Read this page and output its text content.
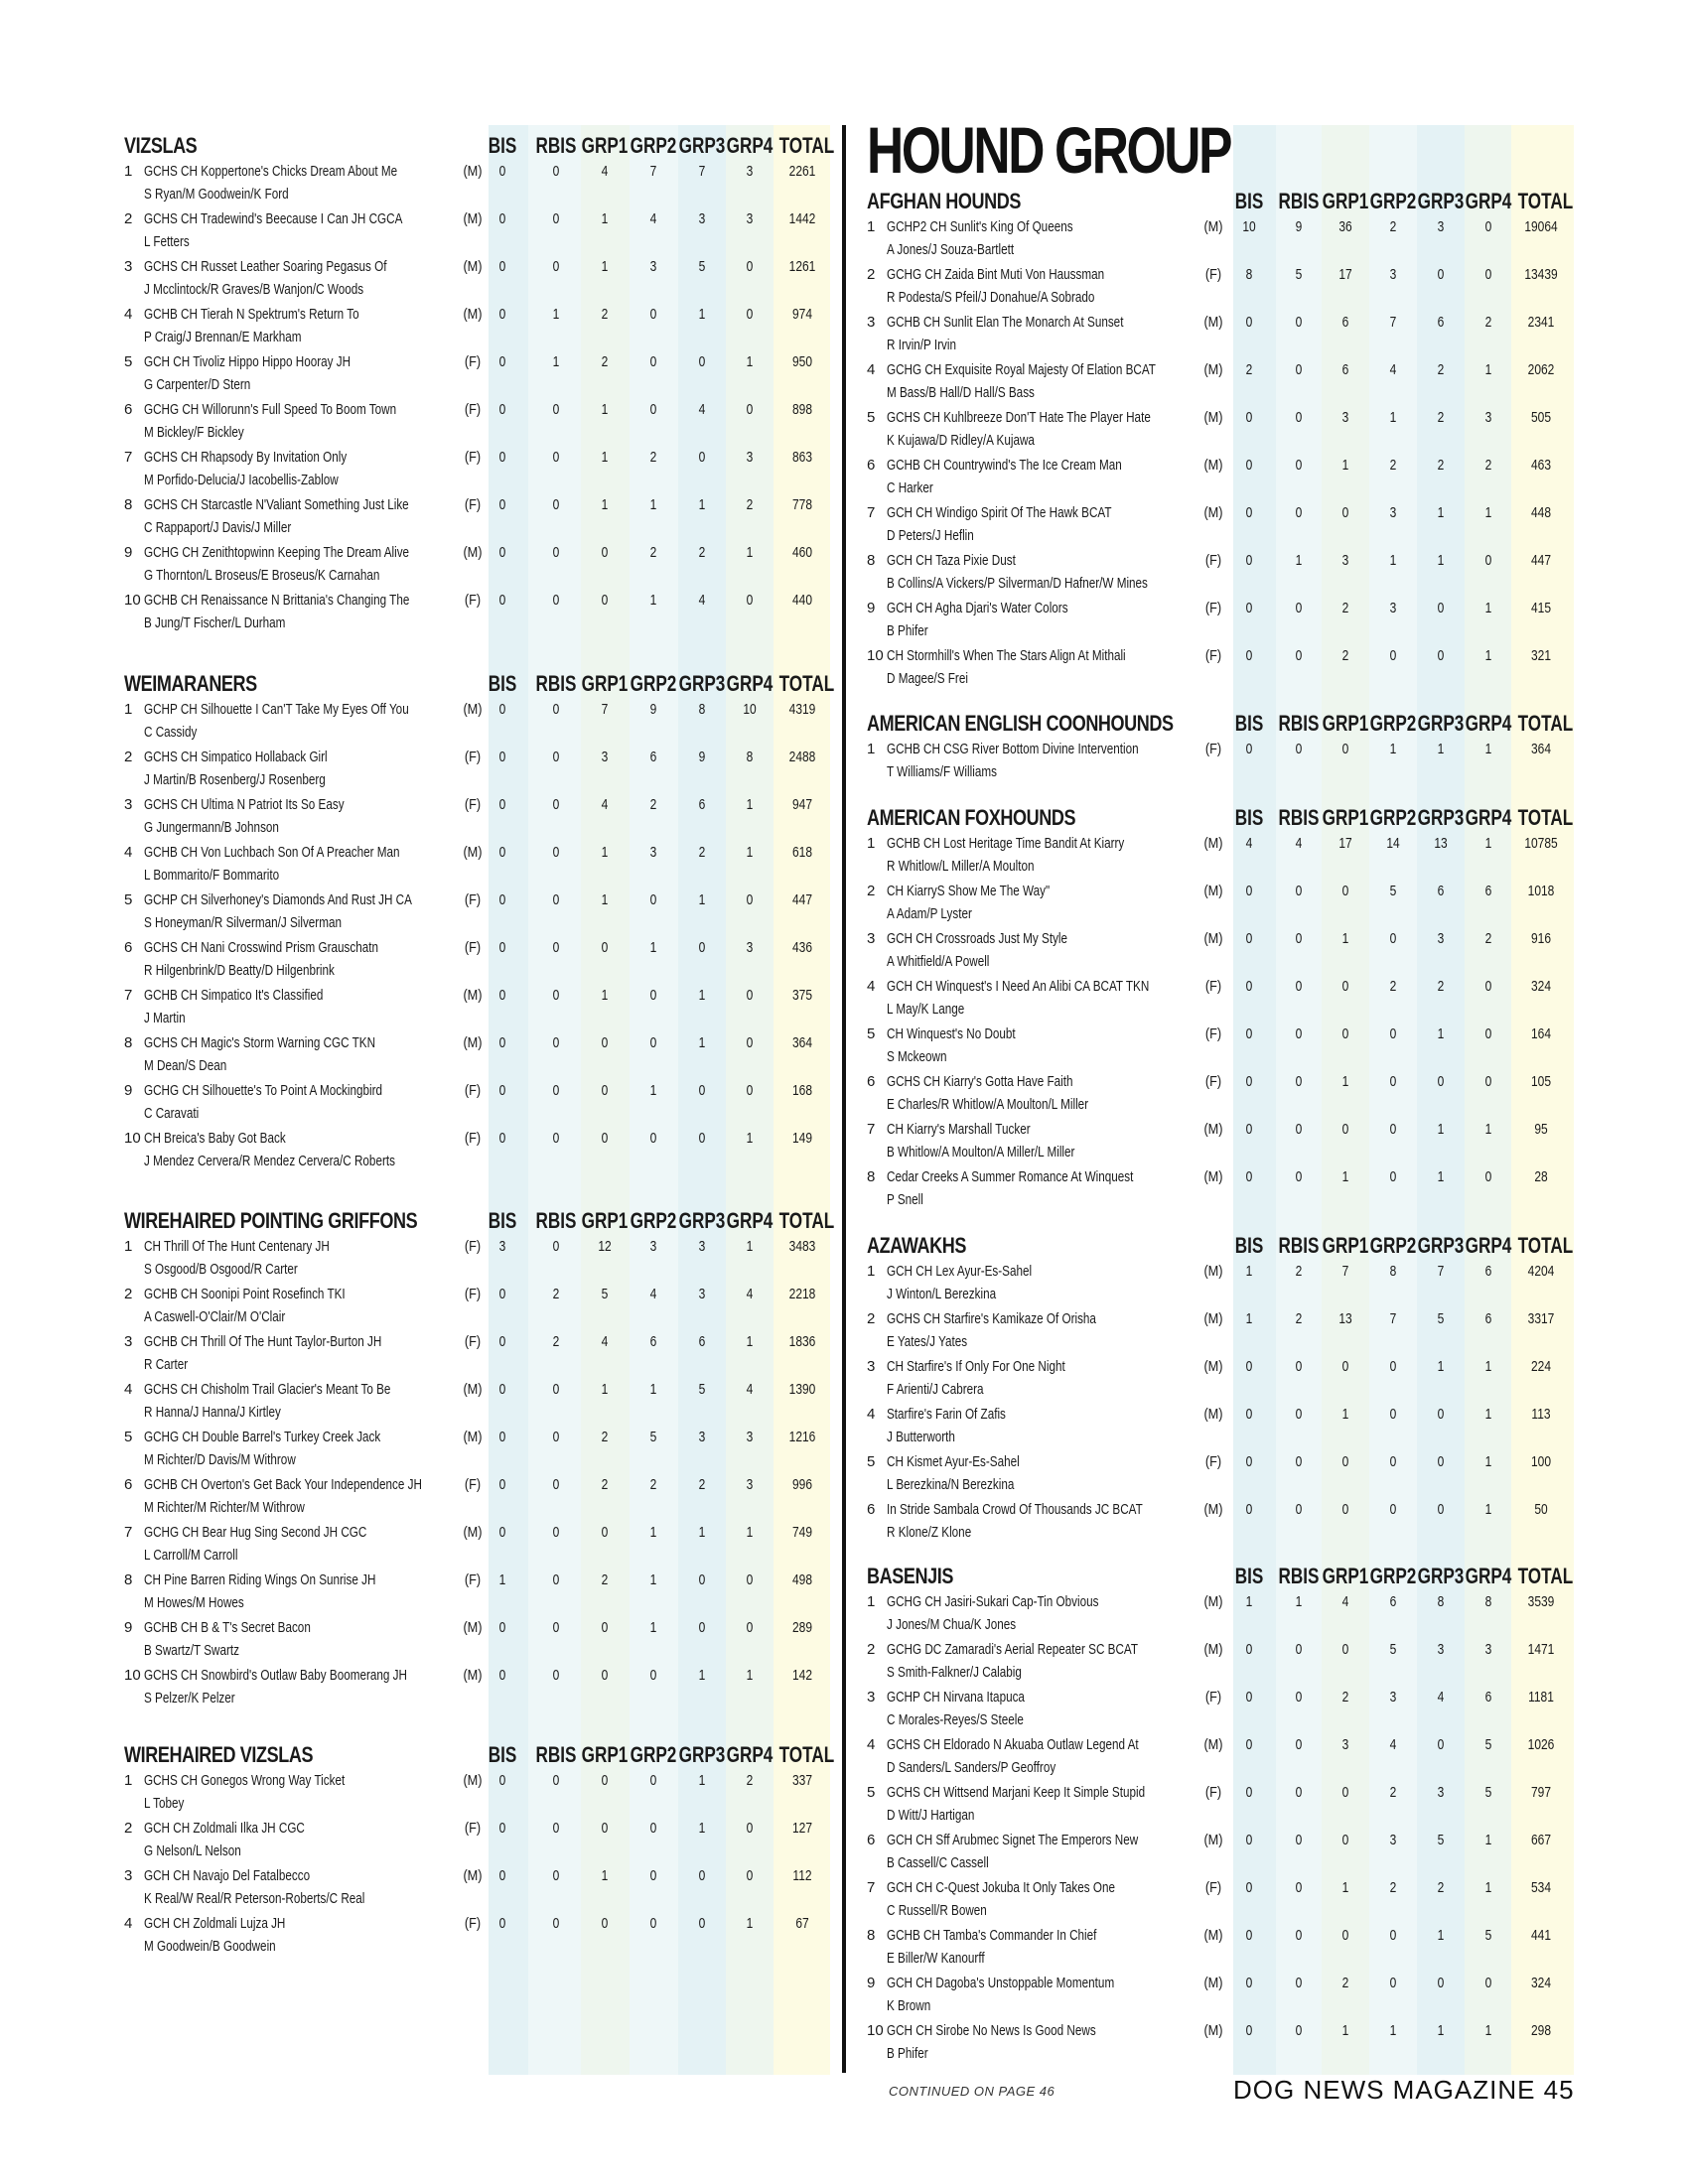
HOUND GROUP
CONTINUED ON PAGE 46	DOG NEWS MAGAZINE 45
VIZSLAS	BIS RBIS GRP1 GRP2 GRP3 GRP4 TOTAL
1 GCHS CH Koppertone's Chicks Dream About Me
S Ryan/M Goodwein/K Ford
(M)	0	0	4	7	7	3	2261
2 GCHS CH Tradewind's Beecause I Can JH CGCA
L Fetters
(M)	0	0	1	4	3	3	1442
3 GCHS CH Russet Leather Soaring Pegasus Of
J Mcclintock/R Graves/B Wanjon/C Woods
(M)	0	0	1	3	5	0	1261
4 GCHB CH Tierah N Spektrum's Return To
P Craig/J Brennan/E Markham
(M)	0	1	2	0	1	0	974
5 GCH CH Tivoliz Hippo Hippo Hooray JH
G Carpenter/D Stern
(F)	0	1	2	0	0	1	950
6 GCHG CH Willorunn's Full Speed To Boom Town
M Bickley/F Bickley
(F)	0	0	1	0	4	0	898
7 GCHS CH Rhapsody By Invitation Only
M Porfido-Delucia/J Iacobellis-Zablow
(F)	0	0	1	2	0	3	863
8 GCHS CH Starcastle N'Valiant Something Just Like
C Rappaport/J Davis/J Miller
(F)	0	0	1	1	1	2	778
9 GCHG CH Zenithtopwinn Keeping The Dream Alive
G Thornton/L Broseus/E Broseus/K Carnahan
(M)	0	0	0	2	2	1	460
10 GCHB CH Renaissance N Brittania's Changing The
B Jung/T Fischer/L Durham
(F)	0	0	0	1	4	0	440
WEIMARANERS	BIS RBIS GRP1 GRP2 GRP3 GRP4 TOTAL
1 GCHP CH Silhouette I Can'T Take My Eyes Off You
C Cassidy
(M)	0	0	7	9	8	10	4319
2 GCHS CH Simpatico Hollaback Girl
J Martin/B Rosenberg/J Rosenberg
(F)	0	0	3	6	9	8	2488
3 GCHS CH Ultima N Patriot Its So Easy
G Jungermann/B Johnson
(F)	0	0	4	2	6	1	947
4 GCHB CH Von Luchbach Son Of A Preacher Man
L Bommarito/F Bommarito
(M)	0	0	1	3	2	1	618
5 GCHP CH Silverhoney's Diamonds And Rust JH CA
S Honeyman/R Silverman/J Silverman
(F)	0	0	1	0	1	0	447
6 GCHS CH Nani Crosswind Prism Grauschatn
R Hilgenbrink/D Beatty/D Hilgenbrink
(F)	0	0	0	1	0	3	436
7 GCHB CH Simpatico It's Classified
J Martin
(M)	0	0	1	0	1	0	375
8 GCHS CH Magic's Storm Warning CGC TKN
M Dean/S Dean
(M)	0	0	0	0	1	0	364
9 GCHG CH Silhouette's To Point A Mockingbird
C Caravati
(F)	0	0	0	1	0	0	168
10 CH Breica's Baby Got Back
J Mendez Cervera/R Mendez Cervera/C Roberts
(F)	0	0	0	0	0	1	149
WIREHAIRED POINTING GRIFFONS	BIS RBIS GRP1 GRP2 GRP3 GRP4 TOTAL
1 CH Thrill Of The Hunt Centenary JH
S Osgood/B Osgood/R Carter
(F)	3	0	12	3	3	1	3483
2 GCHB CH Soonipi Point Rosefinch TKI
A Caswell-O'Clair/M O'Clair
(F)	0	2	5	4	3	4	2218
3 GCHB CH Thrill Of The Hunt Taylor-Burton JH
R Carter
(F)	0	2	4	6	6	1	1836
4 GCHS CH Chisholm Trail Glacier's Meant To Be
R Hanna/J Hanna/J Kirtley
(M)	0	0	1	1	5	4	1390
5 GCHG CH Double Barrel's Turkey Creek Jack
M Richter/D Davis/M Withrow
(M)	0	0	2	5	3	3	1216
6 GCHB CH Overton's Get Back Your Independence JH
M Richter/M Richter/M Withrow
(F)	0	0	2	2	2	3	996
7 GCHG CH Bear Hug Sing Second JH CGC
L Carroll/M Carroll
(M)	0	0	0	1	1	1	749
8 CH Pine Barren Riding Wings On Sunrise JH
M Howes/M Howes
(F)	1	0	2	1	0	0	498
9 GCHB CH B & T's Secret Bacon
B Swartz/T Swartz
(M)	0	0	0	1	0	0	289
10 GCHS CH Snowbird's Outlaw Baby Boomerang JH
S Pelzer/K Pelzer
(M)	0	0	0	0	1	1	142
WIREHAIRED VIZSLAS	BIS RBIS GRP1 GRP2 GRP3 GRP4 TOTAL
1 GCHS CH Gonegos Wrong Way Ticket
L Tobey
(M)	0	0	0	0	1	2	337
2 GCH CH Zoldmali Ilka JH CGC
G Nelson/L Nelson
(F)	0	0	0	0	1	0	127
3 GCH CH Navajo Del Fatalbecco
K Real/W Real/R Peterson-Roberts/C Real
(M)	0	0	1	0	0	0	112
4 GCH CH Zoldmali Lujza JH
M Goodwein/B Goodwein
(F)	0	0	0	0	0	1	67
AFGHAN HOUNDS	BIS RBIS GRP1 GRP2 GRP3 GRP4 TOTAL
1 GCHP2 CH Sunlit's King Of Queens
A Jones/J Souza-Bartlett
(M)	10	9	36	2	3	0	19064
2 GCHG CH Zaida Bint Muti Von Haussman
R Podesta/S Pfeil/J Donahue/A Sobrado
(F)	8	5	17	3	0	0	13439
3 GCHB CH Sunlit Elan The Monarch At Sunset
R Irvin/P Irvin
(M)	0	0	6	7	6	2	2341
4 GCHG CH Exquisite Royal Majesty Of Elation BCAT
M Bass/B Hall/D Hall/S Bass
(M)	2	0	6	4	2	1	2062
5 GCHS CH Kuhlbreeze Don'T Hate The Player Hate
K Kujawa/D Ridley/A Kujawa
(M)	0	0	3	1	2	3	505
6 GCHB CH Countrywind's The Ice Cream Man
C Harker
(M)	0	0	1	2	2	2	463
7 GCH CH Windigo Spirit Of The Hawk BCAT
D Peters/J Heflin
(M)	0	0	0	3	1	1	448
8 GCH CH Taza Pixie Dust
B Collins/A Vickers/P Silverman/D Hafner/W Mines
(F)	0	1	3	1	1	0	447
9 GCH CH Agha Djari's Water Colors
B Phifer
(F)	0	0	2	3	0	1	415
10 CH Stormhill's When The Stars Align At Mithali
D Magee/S Frei
(F)	0	0	2	0	0	1	321
AMERICAN ENGLISH COONHOUNDS	BIS RBIS GRP1 GRP2 GRP3 GRP4 TOTAL
1 GCHB CH CSG River Bottom Divine Intervention
T Williams/F Williams
(F)	0	0	0	1	1	1	364
AMERICAN FOXHOUNDS	BIS RBIS GRP1 GRP2 GRP3 GRP4 TOTAL
1 GCHB CH Lost Heritage Time Bandit At Kiarry
R Whitlow/L Miller/A Moulton
(M)	4	4	17	14	13	1	10785
2 CH KiarryS Show Me The Way"
A Adam/P Lyster
(M)	0	0	0	5	6	6	1018
3 GCH CH Crossroads Just My Style
A Whitfield/A Powell
(M)	0	0	1	0	3	2	916
4 GCH CH Winquest's I Need An Alibi CA BCAT TKN
L May/K Lange
(F)	0	0	0	2	2	0	324
5 CH Winquest's No Doubt
S Mckeown
(F)	0	0	0	0	1	0	164
6 GCHS CH Kiarry's Gotta Have Faith
E Charles/R Whitlow/A Moulton/L Miller
(F)	0	0	1	0	0	0	105
7 CH Kiarry's Marshall Tucker
B Whitlow/A Moulton/A Miller/L Miller
(M)	0	0	0	0	1	1	95
8 Cedar Creeks A Summer Romance At Winquest
P Snell
(M)	0	0	1	0	1	0	28
AZAWAKHS	BIS RBIS GRP1 GRP2 GRP3 GRP4 TOTAL
1 GCH CH Lex Ayur-Es-Sahel
J Winton/L Berezkina
(M)	1	2	7	8	7	6	4204
2 GCHS CH Starfire's Kamikaze Of Orisha
E Yates/J Yates
(M)	1	2	13	7	5	6	3317
3 CH Starfire's If Only For One Night
F Arienti/J Cabrera
(M)	0	0	0	0	1	1	224
4 Starfire's Farin Of Zafis
J Butterworth
(M)	0	0	1	0	0	1	113
5 CH Kismet Ayur-Es-Sahel
L Berezkina/N Berezkina
(F)	0	0	0	0	0	1	100
6 In Stride Sambala Crowd Of Thousands JC BCAT
R Klone/Z Klone
(M)	0	0	0	0	0	1	50
BASENJIS	BIS RBIS GRP1 GRP2 GRP3 GRP4 TOTAL
1 GCHG CH Jasiri-Sukari Cap-Tin Obvious
J Jones/M Chua/K Jones
(M)	1	1	4	6	8	8	3539
2 GCHG DC Zamaradi's Aerial Repeater SC BCAT
S Smith-Falkner/J Calabig
(M)	0	0	0	5	3	3	1471
3 GCHP CH Nirvana Itapuca
C Morales-Reyes/S Steele
(F)	0	0	2	3	4	6	1181
4 GCHS CH Eldorado N Akuaba Outlaw Legend At
D Sanders/L Sanders/P Geoffroy
(M)	0	0	3	4	0	5	1026
5 GCHS CH Wittsend Marjani Keep It Simple Stupid
D Witt/J Hartigan
(F)	0	0	0	2	3	5	797
6 GCH CH Sff Arubmec Signet The Emperors New
B Cassell/C Cassell
(M)	0	0	0	3	5	1	667
7 GCH CH C-Quest Jokuba It Only Takes One
C Russell/R Bowen
(F)	0	0	1	2	2	1	534
8 GCHB CH Tamba's Commander In Chief
E Biller/W Kanourff
(M)	0	0	0	0	1	5	441
9 GCH CH Dagoba's Unstoppable Momentum
K Brown
(M)	0	0	2	0	0	0	324
10 GCH CH Sirobe No News Is Good News
B Phifer
(M)	0	0	1	1	1	1	298
